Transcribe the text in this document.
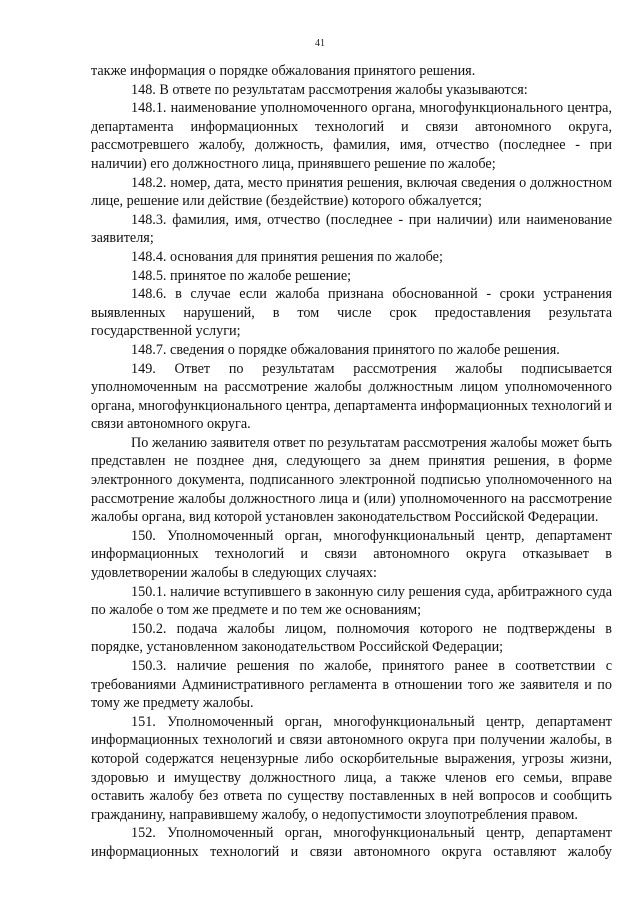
41

также информация о порядке обжалования принятого решения.

148. В ответе по результатам рассмотрения жалобы указываются:

148.1. наименование уполномоченного органа, многофункционального центра, департамента информационных технологий и связи автономного округа, рассмотревшего жалобу, должность, фамилия, имя, отчество (последнее - при наличии) его должностного лица, принявшего решение по жалобе;

148.2. номер, дата, место принятия решения, включая сведения о должностном лице, решение или действие (бездействие) которого обжалуется;

148.3. фамилия, имя, отчество (последнее - при наличии) или наименование заявителя;

148.4. основания для принятия решения по жалобе;

148.5. принятое по жалобе решение;

148.6. в случае если жалоба признана обоснованной - сроки устранения выявленных нарушений, в том числе срок предоставления результата государственной услуги;

148.7. сведения о порядке обжалования принятого по жалобе решения.

149. Ответ по результатам рассмотрения жалобы подписывается уполномоченным на рассмотрение жалобы должностным лицом уполномоченного органа, многофункционального центра, департамента информационных технологий и связи автономного округа.

По желанию заявителя ответ по результатам рассмотрения жалобы может быть представлен не позднее дня, следующего за днем принятия решения, в форме электронного документа, подписанного электронной подписью уполномоченного на рассмотрение жалобы должностного лица и (или) уполномоченного на рассмотрение жалобы органа, вид которой установлен законодательством Российской Федерации.

150. Уполномоченный орган, многофункциональный центр, департамент информационных технологий и связи автономного округа отказывает в удовлетворении жалобы в следующих случаях:

150.1. наличие вступившего в законную силу решения суда, арбитражного суда по жалобе о том же предмете и по тем же основаниям;

150.2. подача жалобы лицом, полномочия которого не подтверждены в порядке, установленном законодательством Российской Федерации;

150.3. наличие решения по жалобе, принятого ранее в соответствии с требованиями Административного регламента в отношении того же заявителя и по тому же предмету жалобы.

151. Уполномоченный орган, многофункциональный центр, департамент информационных технологий и связи автономного округа при получении жалобы, в которой содержатся нецензурные либо оскорбительные выражения, угрозы жизни, здоровью и имуществу должностного лица, а также членов его семьи, вправе оставить жалобу без ответа по существу поставленных в ней вопросов и сообщить гражданину, направившему жалобу, о недопустимости злоупотребления правом.

152. Уполномоченный орган, многофункциональный центр, департамент информационных технологий и связи автономного округа оставляют жалобу
